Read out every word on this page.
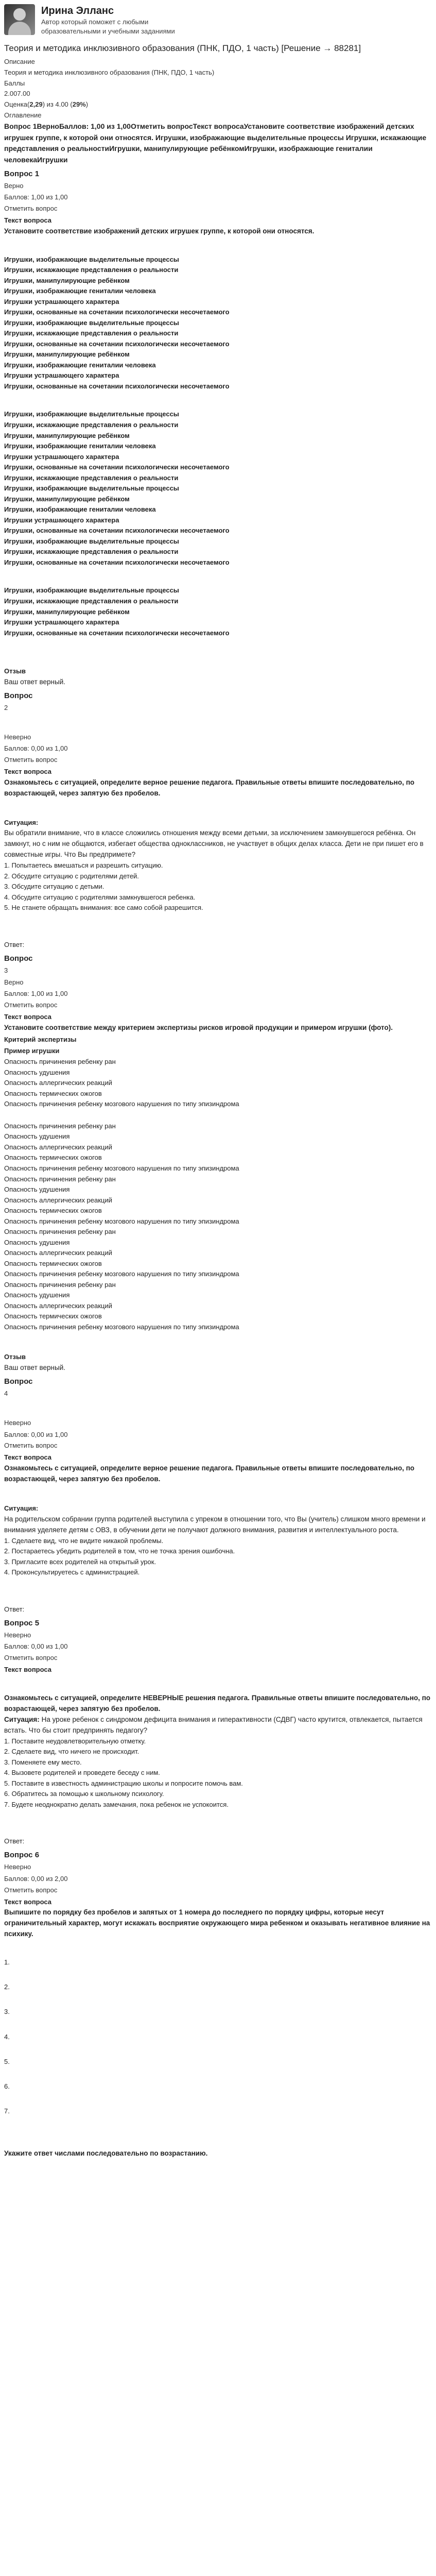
Ирина Элланс
Автор который поможет с любыми образовательными и учебными заданиями
Теория и методика инклюзивного образования (ПНК, ПДО, 1 часть) [Решение → 88281]
Описание
Теория и методика инклюзивного образования (ПНК, ПДО, 1 часть)
Баллы
2.007.00
Оценка(2,29) из 4.00 (29%)
Оглавление
Вопрос 1ВерноБаллов: 1,00 из 1,00Отметить вопросТекст вопросаУстановите соответствие изображений детских игрушек группе, к которой они относятся. Игрушки, изображающие выделительные процессы Игрушки, искажающие представления о реальностиИгрушки, манипулирующие ребёнкомИгрушки, изображающие гениталии человекаИгрушки
Вопрос 1
Верно
Баллов: 1,00 из 1,00
Отметить вопрос
Текст вопроса
Установите соответствие изображений детских игрушек группе, к которой они относятся.
Игрушки, изображающие выделительные процессы
Игрушки, искажающие представления о реальности
Игрушки, манипулирующие ребёнком
Игрушки, изображающие гениталии человека
Игрушки устрашающего характера
Игрушки, основанные на сочетании психологически несочетаемого
Игрушки, изображающие выделительные процессы
Игрушки, искажающие представления о реальности
Игрушки, основанные на сочетании психологически несочетаемого
Игрушки, манипулирующие ребёнком
Игрушки, изображающие гениталии человека
Игрушки устрашающего характера
Игрушки, основанные на сочетании психологически несочетаемого
Игрушки, изображающие выделительные процессы
Игрушки, искажающие представления о реальности
Игрушки, манипулирующие ребёнком
Игрушки, изображающие гениталии человека
Игрушки устрашающего характера
Игрушки, основанные на сочетании психологически несочетаемого
Игрушки, искажающие представления о реальности
Игрушки, изображающие выделительные процессы
Игрушки, манипулирующие ребёнком
Игрушки, изображающие гениталии человека
Игрушки устрашающего характера
Игрушки, основанные на сочетании психологически несочетаемого
Игрушки, изображающие выделительные процессы
Игрушки, искажающие представления о реальности
Игрушки, основанные на сочетании психологически несочетаемого
Игрушки, изображающие выделительные процессы
Игрушки, искажающие представления о реальности
Игрушки, манипулирующие ребёнком
Игрушки устрашающего характера
Игрушки, основанные на сочетании психологически несочетаемого
Отзыв
Ваш ответ верный.
Вопрос
2
Неверно
Баллов: 0,00 из 1,00
Отметить вопрос
Текст вопроса
Ознакомьтесь с ситуацией, определите верное решение педагога. Правильные ответы впишите последовательно, по возрастающей, через запятую без пробелов.
Ситуация:
Вы обратили внимание, что в классе сложились отношения между всеми детьми, за исключением замкнувшегося ребёнка. Он замкнут, но с ним не общаются, избегает общества одноклассников, не участвует в общих делах класса. Дети не при пишет его в совместные игры. Что Вы предпримете?
1. Попытаетесь вмешаться и разрешить ситуацию.
2. Обсудите ситуацию с родителями детей.
3. Обсудите ситуацию с детьми.
4. Обсудите ситуацию с родителями замкнувшегося ребенка.
5. Не станете обращать внимания: все само собой разрешится.
Ответ:
Вопрос
3
Верно
Баллов: 1,00 из 1,00
Отметить вопрос
Текст вопроса
Установите соответствие между критерием экспертизы рисков игровой продукции и примером игрушки (фото).
Критерий экспертизы
Пример игрушки
Опасность причинения ребенку ран
Опасность удушения
Опасность аллергических реакций
Опасность термических ожогов
Опасность причинения ребенку мозгового нарушения по типу эпизиндрома
Опасность причинения ребенку ран
Опасность удушения
Опасность аллергических реакций
Опасность термических ожогов
Опасность причинения ребенку мозгового нарушения по типу эпизиндрома
Опасность причинения ребенку ран
Опасность удушения
Опасность аллергических реакций
Опасность термических ожогов
Опасность причинения ребенку мозгового нарушения по типу эпизиндрома
Опасность причинения ребенку ран
Опасность удушения
Опасность аллергических реакций
Опасность термических ожогов
Опасность причинения ребенку мозгового нарушения по типу эпизиндрома
Опасность причинения ребенку ран
Опасность удушения
Опасность аллергических реакций
Опасность термических ожогов
Опасность причинения ребенку мозгового нарушения по типу эпизиндрома
Отзыв
Ваш ответ верный.
Вопрос
4
Неверно
Баллов: 0,00 из 1,00
Отметить вопрос
Текст вопроса
Ознакомьтесь с ситуацией, определите верное решение педагога. Правильные ответы впишите последовательно, по возрастающей, через запятую без пробелов.
Ситуация:
На родительском собрании группа родителей выступила с упреком в отношении того, что Вы (учитель) слишком много времени и внимания уделяете детям с ОВЗ, в обучении дети не получают должного внимания, развития и интеллектуального роста.
1. Сделаете вид, что не видите никакой проблемы.
2. Постараетесь убедить родителей в том, что не точка зрения ошибочна.
3. Пригласите всех родителей на открытый урок.
4. Проконсультируетесь с администрацией.
Ответ:
Вопрос 5
Неверно
Баллов: 0,00 из 1,00
Отметить вопрос
Текст вопроса
Ознакомьтесь с ситуацией, определите НЕВЕРНЫЕ решения педагога. Правильные ответы впишите последовательно, по возрастающей, через запятую без пробелов.
Ситуация: На уроке ребенок с синдромом дефицита внимания и гиперактивности (СДВГ) часто крутится, отвлекается, пытается встать. Что бы стоит предпринять педагогу?
1. Поставите неудовлетворительную отметку.
2. Сделаете вид, что ничего не происходит.
3. Поменяете ему место.
4. Вызовете родителей и проведете беседу с ним.
5. Поставите в известность администрацию школы и попросите помочь вам.
6. Обратитесь за помощью к школьному психологу.
7. Будете неоднократно делать замечания, пока ребенок не успокоится.
Ответ:
Вопрос 6
Неверно
Баллов: 0,00 из 2,00
Отметить вопрос
Текст вопроса
Выпишите по порядку без пробелов и запятых от 1 номера до последнего по порядку цифры, которые несут ограничительный характер, могут искажать восприятие окружающего мира ребенком и оказывать негативное влияние на психику.
1.
2.
3.
4.
5.
6.
7.
Укажите ответ числами последовательно по возрастанию.
